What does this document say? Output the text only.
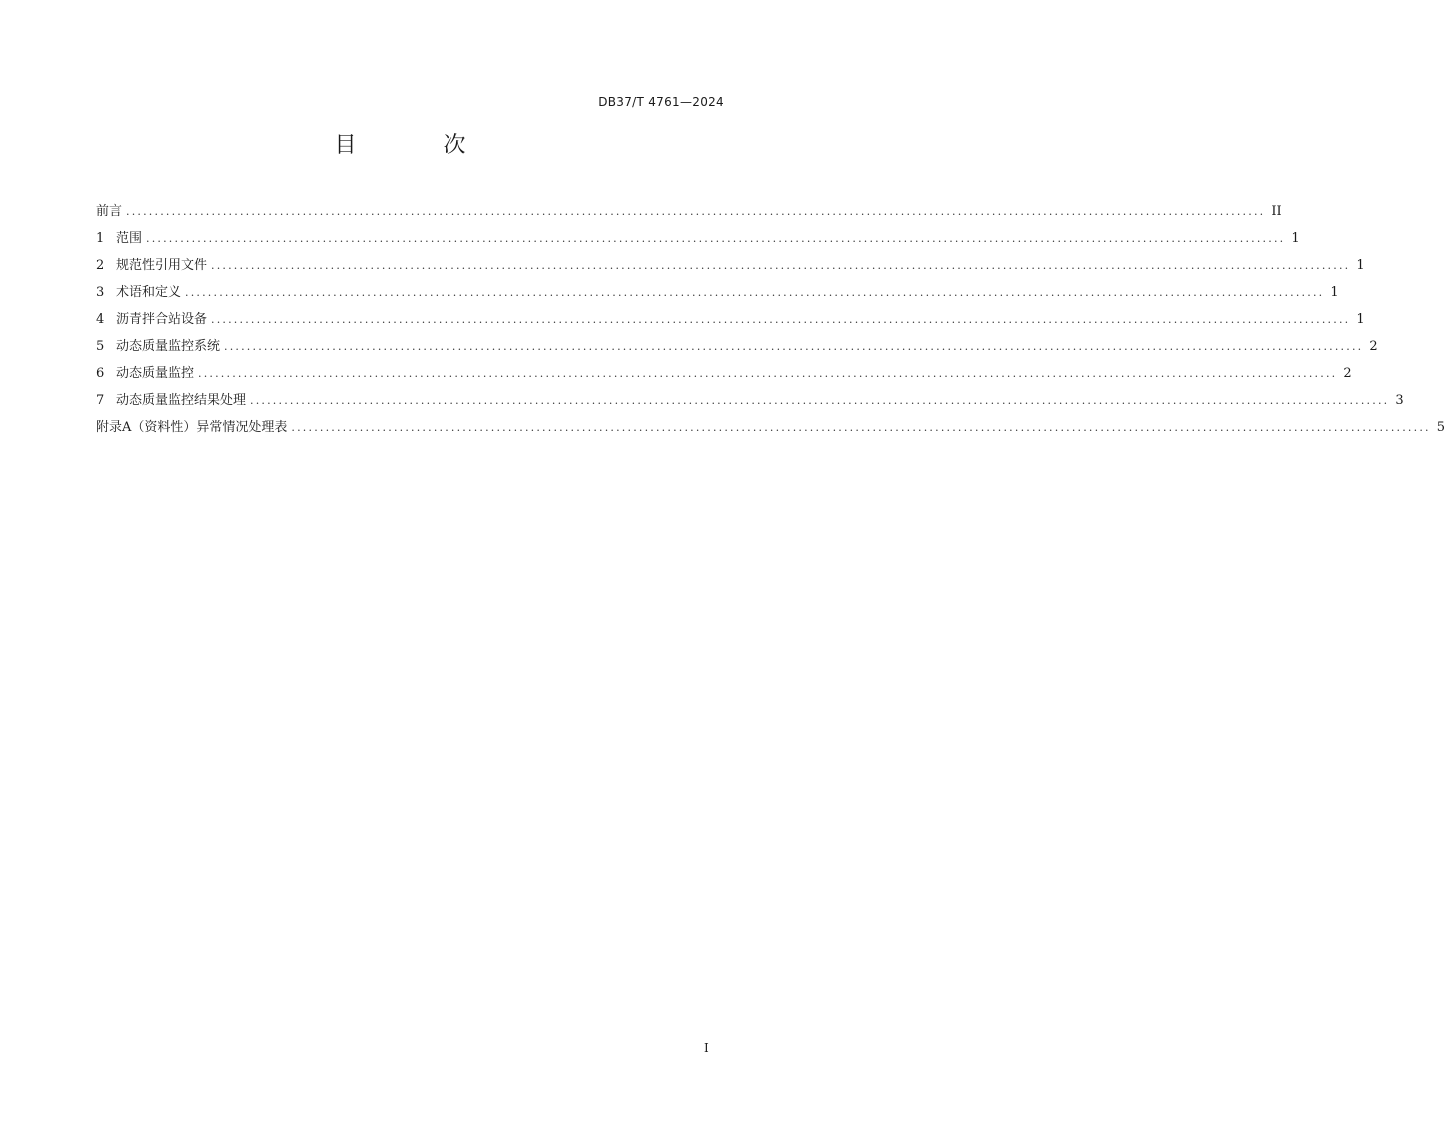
DB37/T 4761—2024
目 次
前言 ........................................................................................................................................................................................................ II
1 范围 ........................................................................................................................................................................................................ 1
2 规范性引用文件 ........................................................................................................................................................................................................ 1
3 术语和定义 ........................................................................................................................................................................................................ 1
4 沥青拌合站设备 ........................................................................................................................................................................................................ 1
5 动态质量监控系统 ........................................................................................................................................................................................................ 2
6 动态质量监控 ........................................................................................................................................................................................................ 2
7 动态质量监控结果处理 ........................................................................................................................................................................................................ 3
附录A（资料性） 异常情况处理表 ........................................................................................................................................................................................................ 5
I
